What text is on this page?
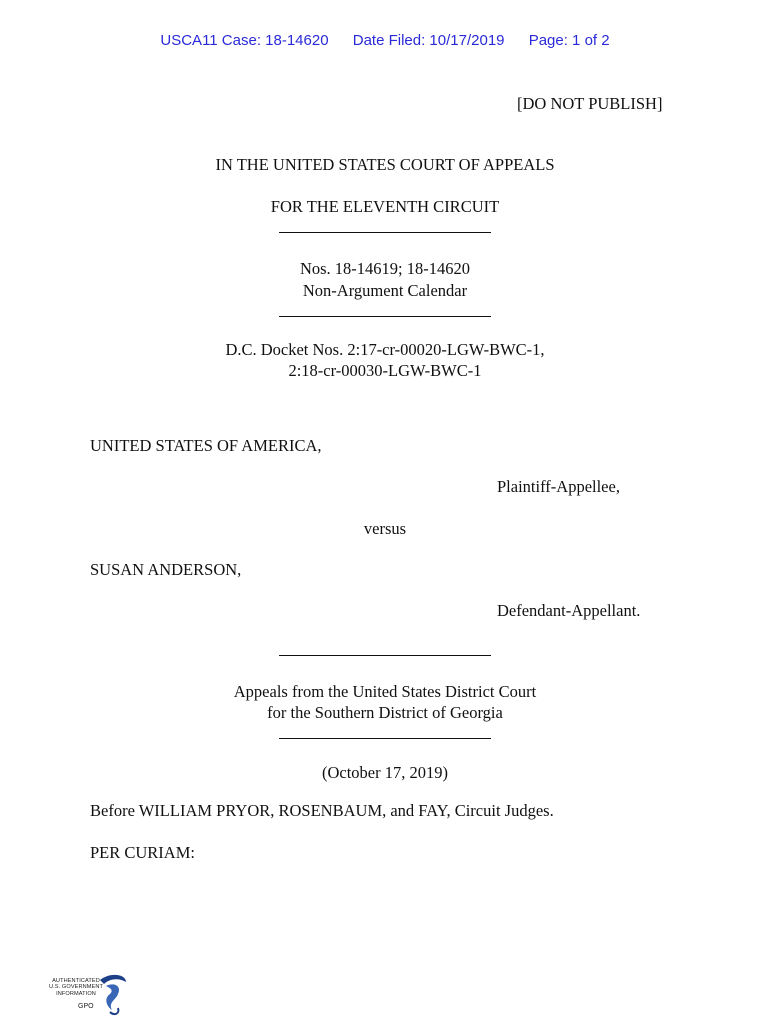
USCA11 Case: 18-14620 Date Filed: 10/17/2019 Page: 1 of 2
[DO NOT PUBLISH]
IN THE UNITED STATES COURT OF APPEALS
FOR THE ELEVENTH CIRCUIT
Nos. 18-14619; 18-14620
Non-Argument Calendar
D.C. Docket Nos. 2:17-cr-00020-LGW-BWC-1,
2:18-cr-00030-LGW-BWC-1
UNITED STATES OF AMERICA,
Plaintiff-Appellee,
versus
SUSAN ANDERSON,
Defendant-Appellant.
Appeals from the United States District Court
for the Southern District of Georgia
(October 17, 2019)
Before WILLIAM PRYOR, ROSENBAUM, and FAY, Circuit Judges.
PER CURIAM:
AUTHENTICATED
U.S. GOVERNMENT
INFORMATION
GPO
